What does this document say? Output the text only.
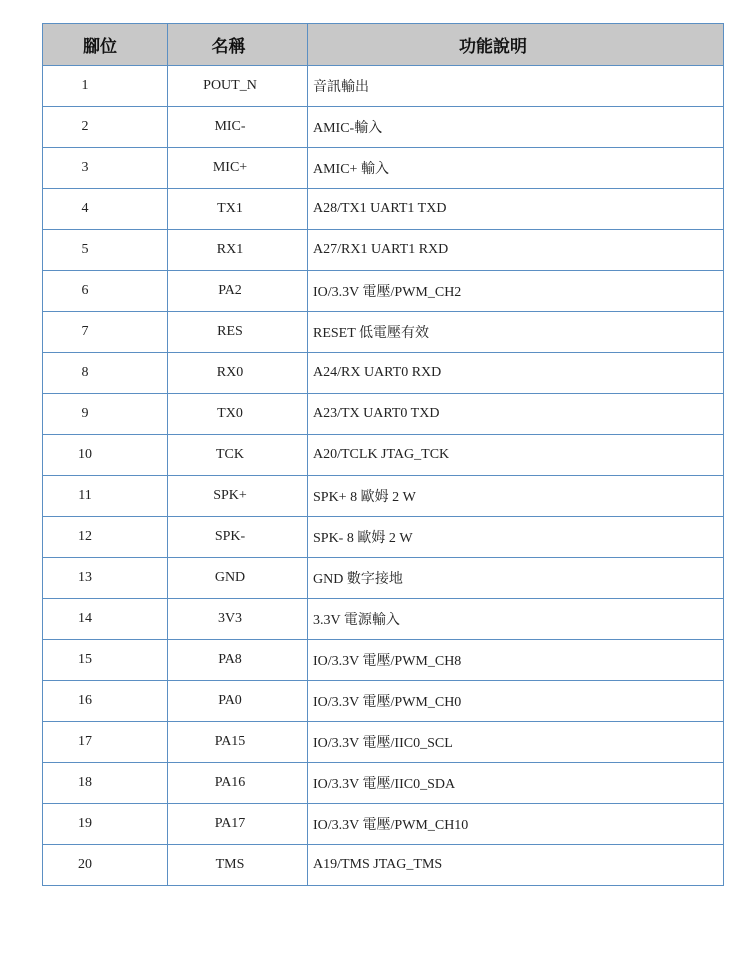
腳位	名稱	功能說明
1	POUT_N	音訊輸出
2	MIC-	AMIC-輸入
3	MIC+	AMIC+ 輸入
4	TX1	A28/TX1 UART1 TXD
5	RX1	A27/RX1 UART1 RXD
6	PA2	IO/3.3V 電壓/PWM_CH2
7	RES	RESET 低電壓有效
8	RX0	A24/RX UART0 RXD
9	TX0	A23/TX UART0 TXD
10	TCK	A20/TCLK JTAG_TCK
11	SPK+	SPK+ 8 歐姆 2 W
12	SPK-	SPK- 8 歐姆 2 W
13	GND	GND 數字接地
14	3V3	3.3V 電源輸入
15	PA8	IO/3.3V 電壓/PWM_CH8
16	PA0	IO/3.3V 電壓/PWM_CH0
17	PA15	IO/3.3V 電壓/IIC0_SCL
18	PA16	IO/3.3V 電壓/IIC0_SDA
19	PA17	IO/3.3V 電壓/PWM_CH10
20	TMS	A19/TMS JTAG_TMS
